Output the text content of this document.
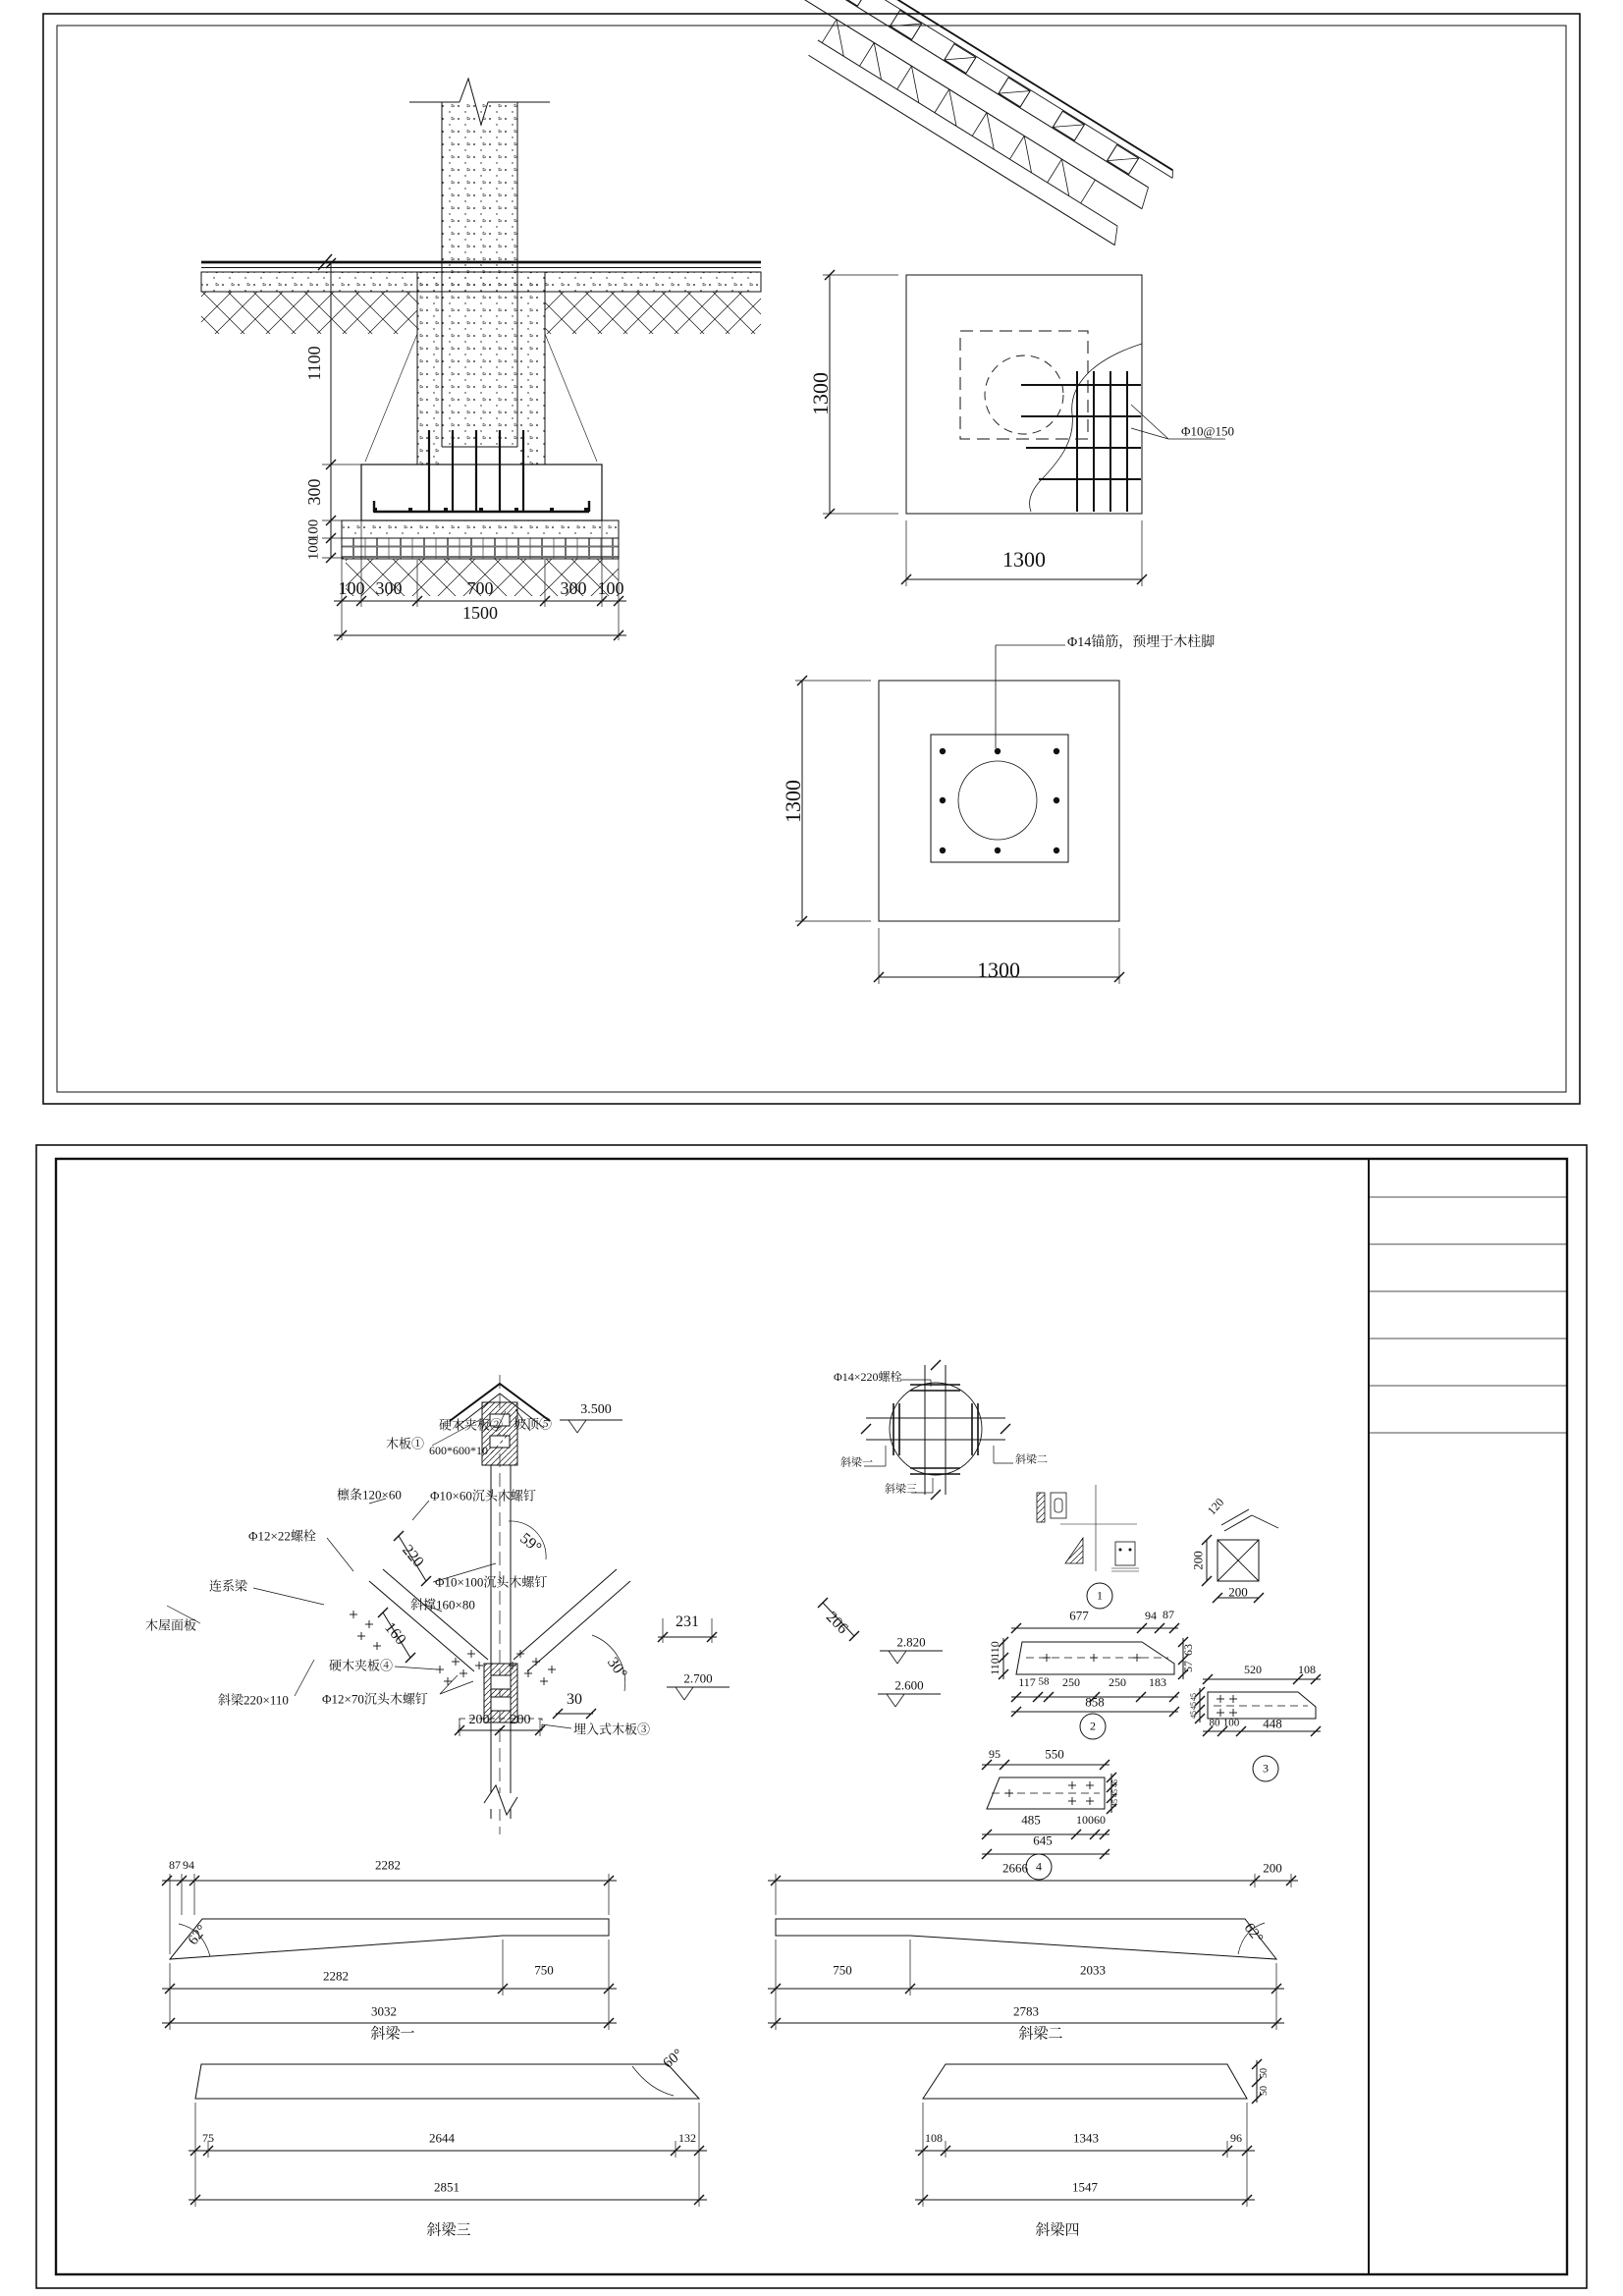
1100
300
100
100
100 300	700	300 100
1500
1300
1300
Φ10@150
Φ14锚筋，预埋于木柱脚
1300
1300
木板①
硬木夹板② 坡顶⑤
3.500
600*600*10
檩条120×60 Φ10×60沉头木螺钉
Φ12×22螺栓
220	59°
Φ10×100沉头木螺钉
连系梁
斜撑160×80
160
木屋面板
硬木夹板④
斜梁220×110	Φ12×70沉头木螺钉
231	206
30°
30
2.820
2.700	2.600
埋入式木板③
200 200
Φ14×220螺栓
斜梁一	斜梁二
斜梁三
1
120
200
200
677	94 87
110
110
63
57
117 58 250 250 183
858
2
520	108
45
45
45
80 100 448
3
95	550
485	100 60
645
45
45
45
4
2666	200
87 94	2282
62°
2282	750
3032
斜梁一
62°
750	2033
2783
斜梁二
60°
75	2644	132
2851
斜梁三
108	1343	96
1547
50
50
斜梁四
